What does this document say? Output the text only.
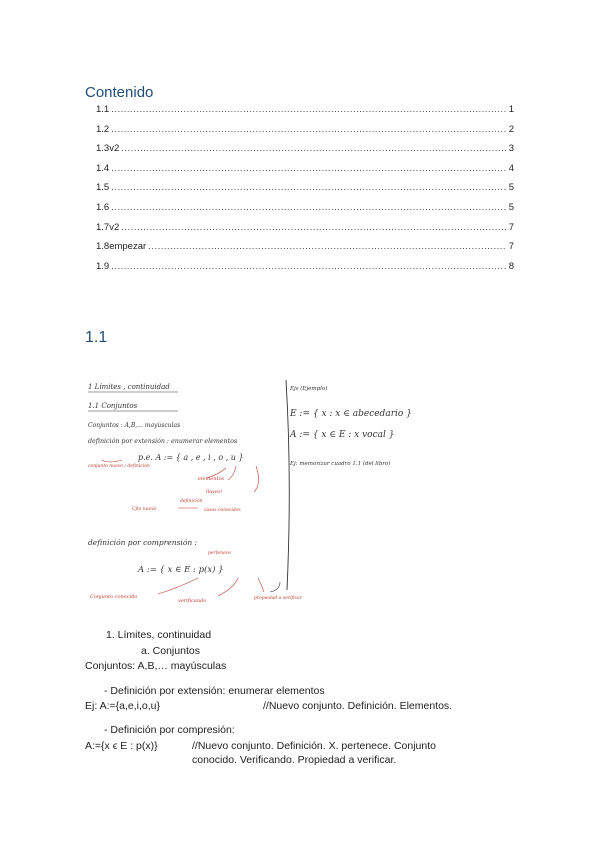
Contenido
1.1 .....	1
1.2 .....	2
1.3v2 .....	3
1.4 .....	4
1.5 .....	5
1.6 .....	5
1.7v2 .....	7
1.8empezar .....	7
1.9 .....	8
1.1
1 Límites , continuidad
1.1 Conjuntos
Conjuntos : A,B,... mayúsculas
definición por extensión : enumerar elementos
p.e. A := { a , e , i , o , u }
conjunto nuevo / definición
elementos
llaves!
Cjto nuevo
definición
casos conocidos
definición por comprensión :
A := { x ∈ E : p(x) }
pertenece
Conjunto conocido
verificando	propiedad a verificar
Ejs (Ejemplo)
E := { x : x ∈ abecedario }
A := { x ∈ E : x vocal }
Ej: memorizar cuadro 1.1 (del libro)
1. Límites, continuidad
a. Conjuntos
Conjuntos: A,B,… mayúsculas
- Definición por extensión: enumerar elementos
Ej: A:={a,e,i,o,u}	//Nuevo conjunto. Definición. Elementos.
- Definición por compresión:
A:={x ϵ E : p(x)}	//Nuevo conjunto. Definición. X. pertenece. Conjunto
conocido. Verificando. Propiedad a verificar.
